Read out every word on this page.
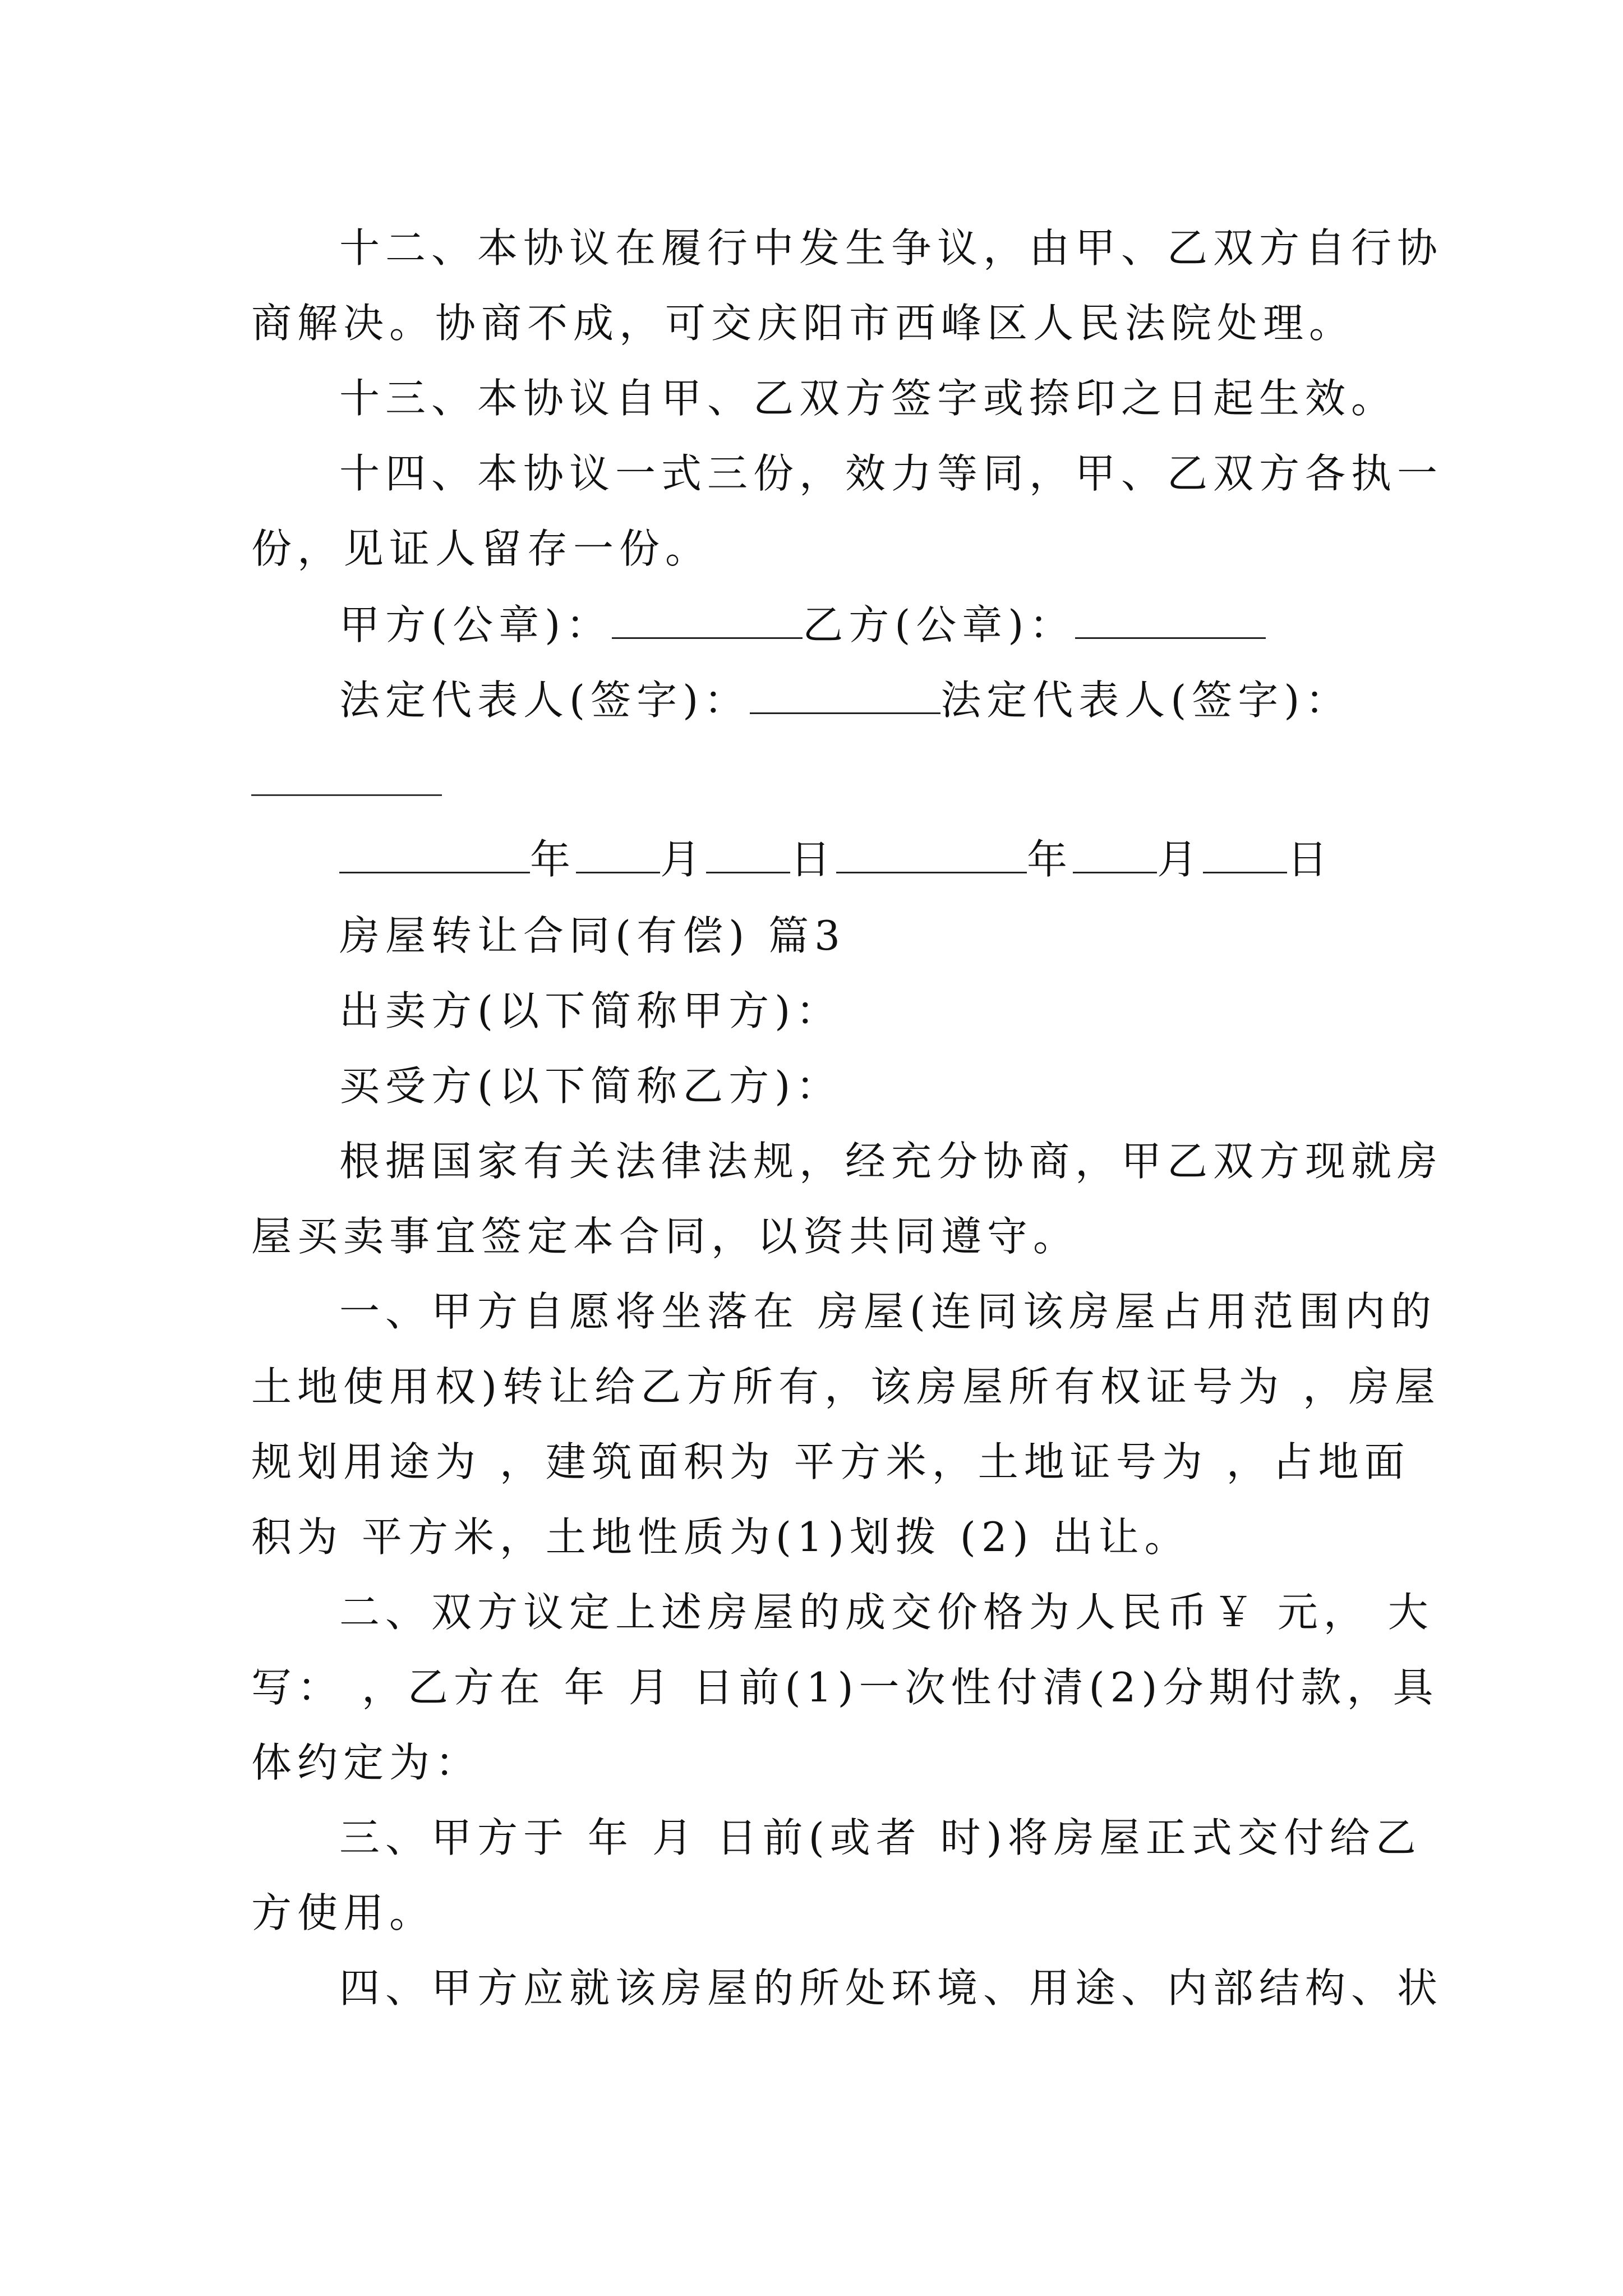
十二、本协议在履行中发生争议，由甲、乙双方自行协
商解决。协商不成，可交庆阳市西峰区人民法院处理。
十三、本协议自甲、乙双方签字或捺印之日起生效。
十四、本协议一式三份，效力等同，甲、乙双方各执一
份，见证人留存一份。
甲方(公章)：	乙方(公章)：
法定代表人(签字)：	法定代表人(签字)：
年 月 日	年 月 日
房屋转让合同(有偿) 篇3
出卖方(以下简称甲方)：
买受方(以下简称乙方)：
根据国家有关法律法规，经充分协商，甲乙双方现就房
屋买卖事宜签定本合同，以资共同遵守。
一、甲方自愿将坐落在 房屋(连同该房屋占用范围内的
土地使用权)转让给乙方所有，该房屋所有权证号为 ，房屋
规划用途为 ，建筑面积为 平方米，土地证号为 ，占地面
积为 平方米，土地性质为(1)划拨 (2) 出让。
二、双方议定上述房屋的成交价格为人民币￥ 元， 大
写： ，乙方在 年 月 日前(1)一次性付清(2)分期付款，具
体约定为：
三、甲方于 年 月 日前(或者 时)将房屋正式交付给乙
方使用。
四、甲方应就该房屋的所处环境、用途、内部结构、状
